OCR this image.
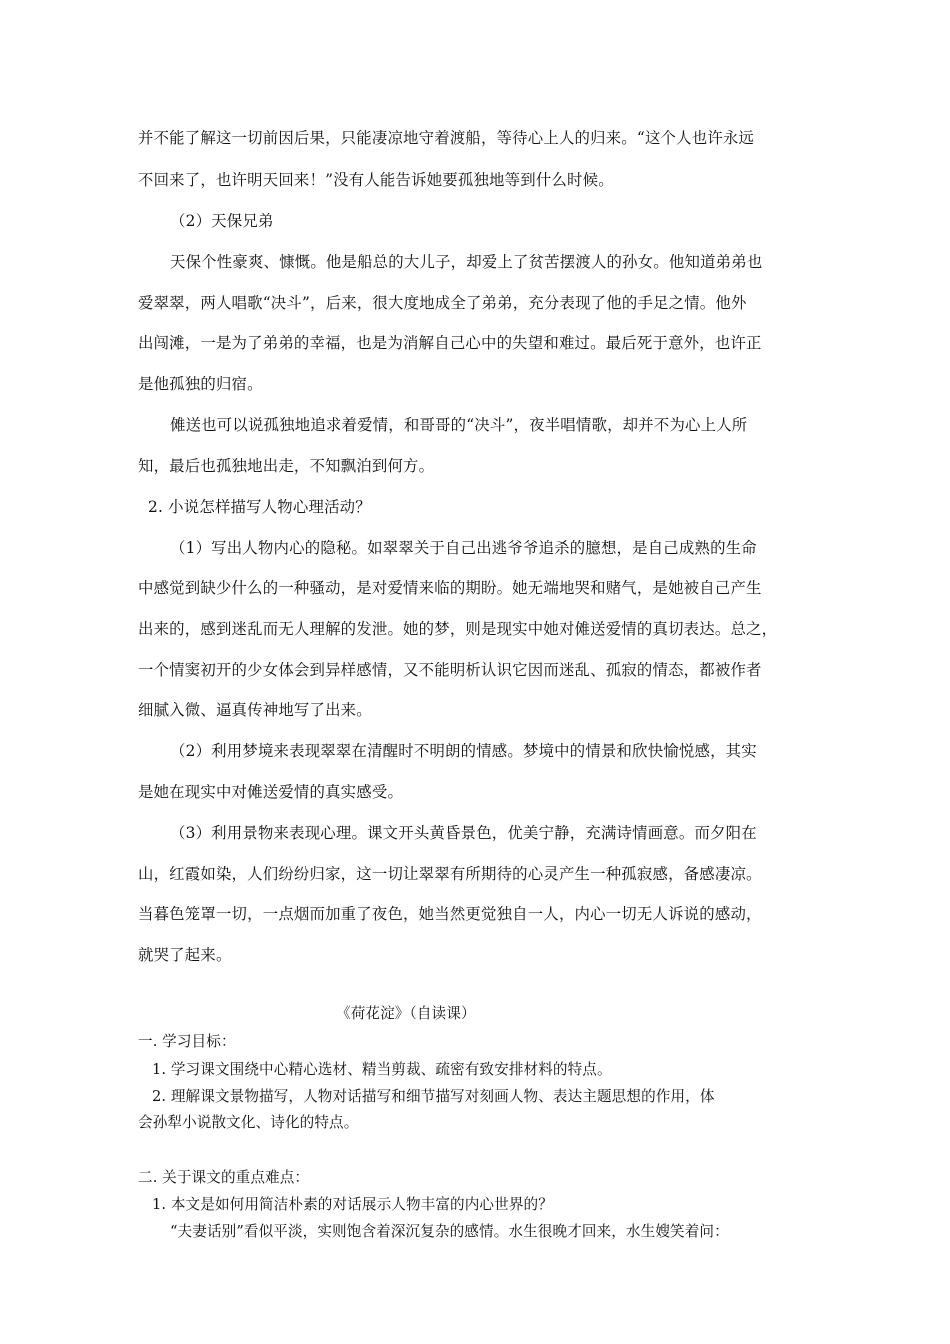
并不能了解这一切前因后果，只能凄凉地守着渡船，等待心上人的归来。“这个人也许永远
不回来了，也许明天回来！”没有人能告诉她要孤独地等到什么时候。
（2）天保兄弟
天保个性豪爽、慷慨。他是船总的大儿子，却爱上了贫苦摆渡人的孙女。他知道弟弟也
爱翠翠，两人唱歌“决斗”，后来，很大度地成全了弟弟，充分表现了他的手足之情。他外
出闯滩，一是为了弟弟的幸福，也是为消解自己心中的失望和难过。最后死于意外，也许正
是他孤独的归宿。
傩送也可以说孤独地追求着爱情，和哥哥的“决斗”，夜半唱情歌，却并不为心上人所
知，最后也孤独地出走，不知飘泊到何方。
2. 小说怎样描写人物心理活动？
（1）写出人物内心的隐秘。如翠翠关于自己出逃爷爷追杀的臆想，是自己成熟的生命
中感觉到缺少什么的一种骚动，是对爱情来临的期盼。她无端地哭和赌气，是她被自己产生
出来的，感到迷乱而无人理解的发泄。她的梦，则是现实中她对傩送爱情的真切表达。总之，
一个情窦初开的少女体会到异样感情，又不能明析认识它因而迷乱、孤寂的情态，都被作者
细腻入微、逼真传神地写了出来。
（2）利用梦境来表现翠翠在清醒时不明朗的情感。梦境中的情景和欣快愉悦感，其实
是她在现实中对傩送爱情的真实感受。
（3）利用景物来表现心理。课文开头黄昏景色，优美宁静，充满诗情画意。而夕阳在
山，红霞如染，人们纷纷归家，这一切让翠翠有所期待的心灵产生一种孤寂感，备感凄凉。
当暮色笼罩一切，一点烟而加重了夜色，她当然更觉独自一人，内心一切无人诉说的感动，
就哭了起来。
《荷花淀》（自读课）
一. 学习目标：
1. 学习课文围绕中心精心选材、精当剪裁、疏密有致安排材料的特点。
2. 理解课文景物描写，人物对话描写和细节描写对刻画人物、表达主题思想的作用，体
会孙犁小说散文化、诗化的特点。
二. 关于课文的重点难点：
1. 本文是如何用简洁朴素的对话展示人物丰富的内心世界的？
“夫妻话别”看似平淡，实则饱含着深沉复杂的感情。水生很晚才回来，水生嫂笑着问：
